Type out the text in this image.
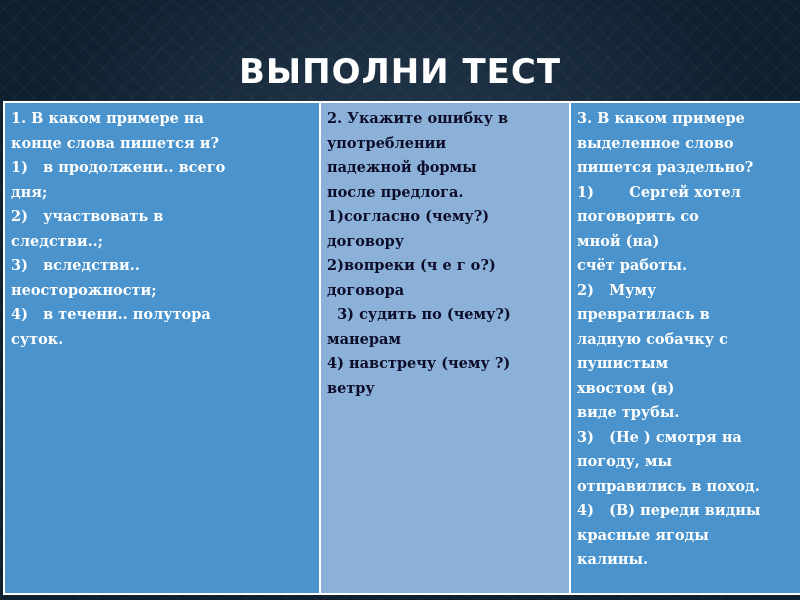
ВЫПОЛНИ ТЕСТ
1. В каком примере на
конце слова пишется и?
1)   в продолжени.. всего
дня;
2)   участвовать в
следстви..;
3)   вследстви..
неосторожности;
4)   в течени.. полутора
суток.

2. Укажите ошибку в
употреблении
падежной формы
после предлога.
1)согласно (чему?)
договору
2)вопреки (ч е г о?)
договора
3) судить по (чему?)
манерам
4) навстречу (чему ?)
ветру

3. В каком примере
выделенное слово
пишется раздельно?
1)       Сергей хотел
поговорить со
мной (на)
счёт работы.
2)   Муму
превратилась в
ладную собачку с
пушистым
хвостом (в)
виде трубы.
3)   (Не ) смотря на
погоду, мы
отправились в поход.
4)   (В) переди видны
красные ягоды
калины.
